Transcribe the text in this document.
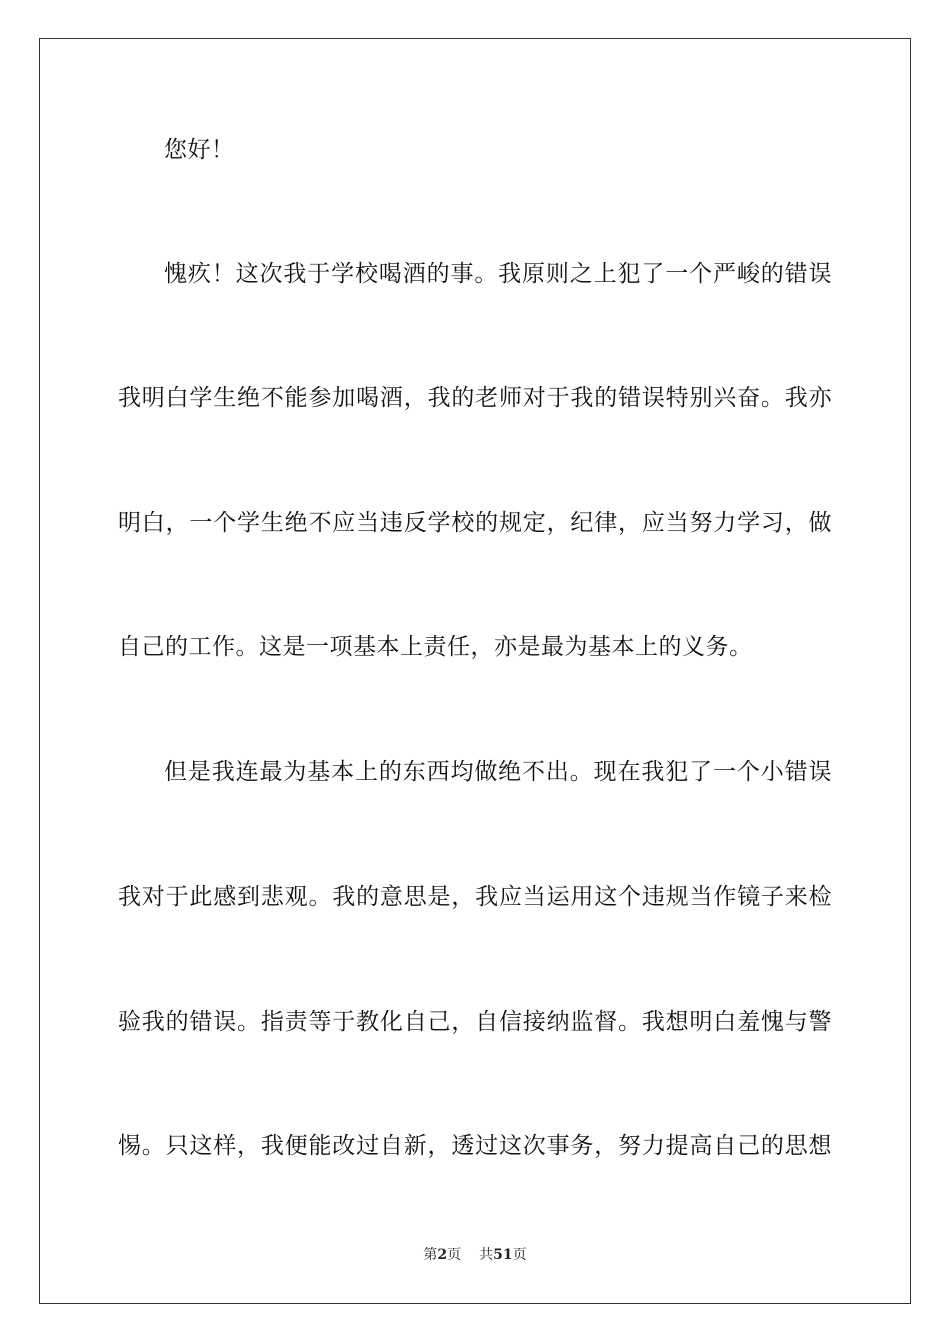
您好！
愧疚！这次我于学校喝酒的事。我原则之上犯了一个严峻的错误
我明白学生绝不能参加喝酒，我的老师对于我的错误特别兴奋。我亦
明白，一个学生绝不应当违反学校的规定，纪律，应当努力学习，做
自己的工作。这是一项基本上责任，亦是最为基本上的义务。
但是我连最为基本上的东西均做绝不出。现在我犯了一个小错误
我对于此感到悲观。我的意思是，我应当运用这个违规当作镜子来检
验我的错误。指责等于教化自己，自信接纳监督。我想明白羞愧与警
惕。只这样，我便能改过自新，透过这次事务，努力提高自己的思想
第2页 共51页
